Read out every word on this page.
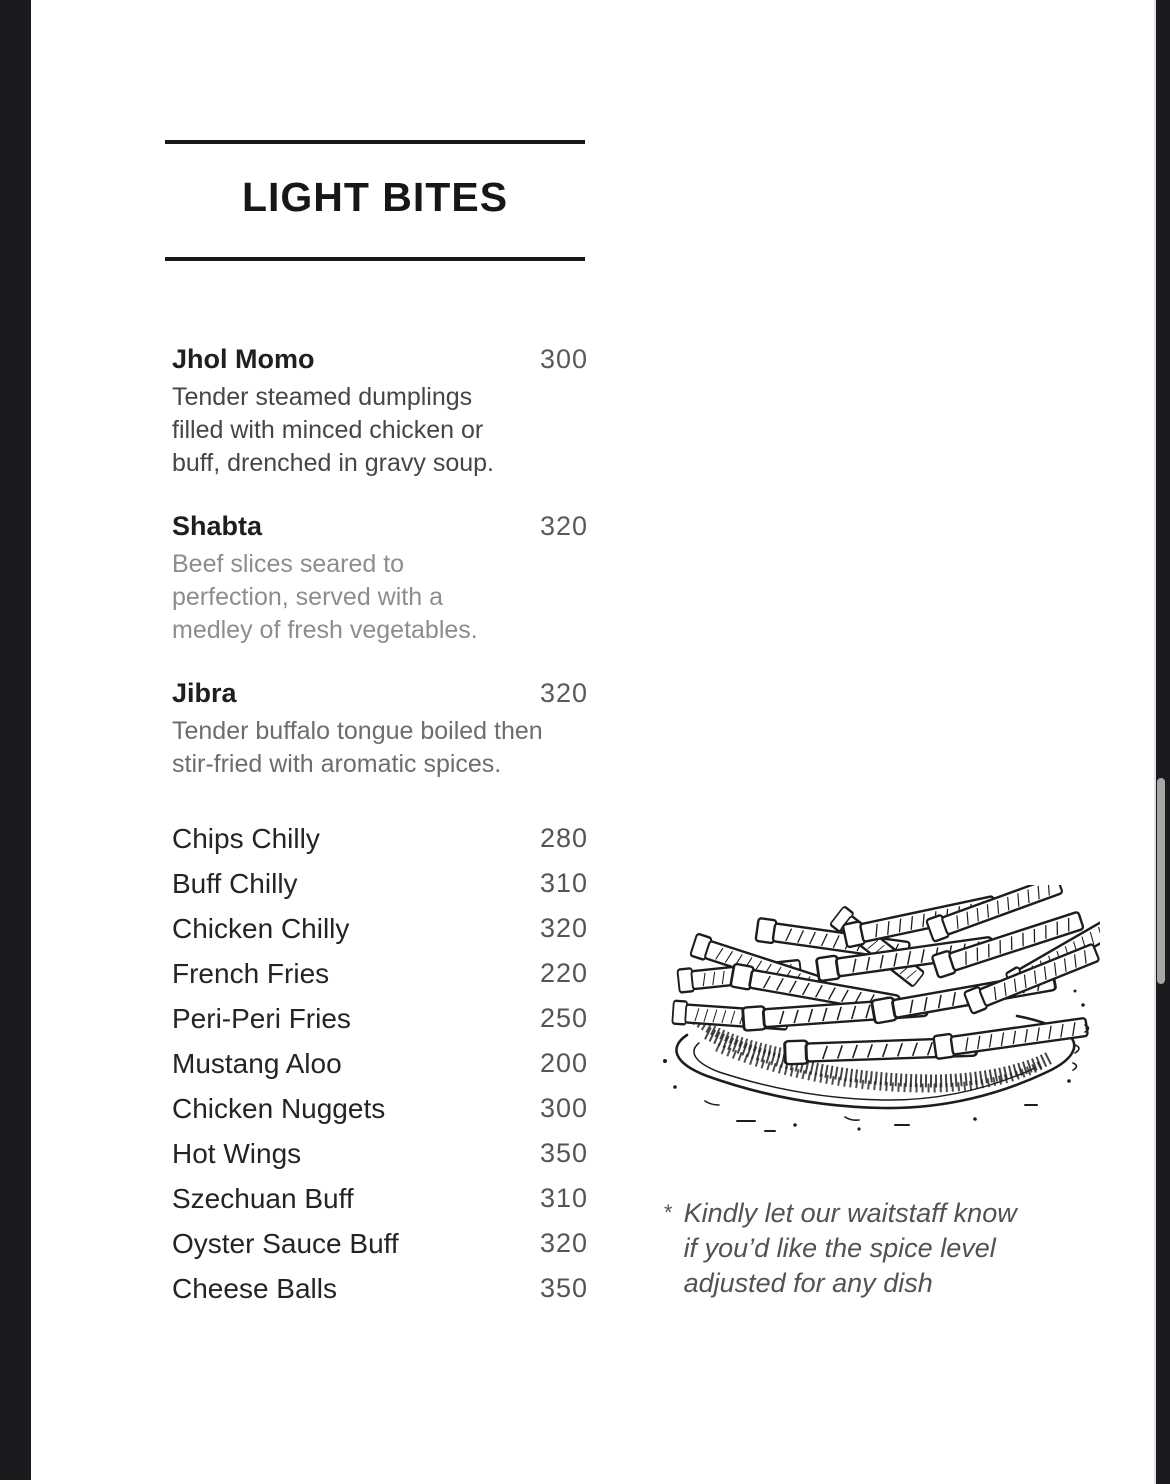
LIGHT BITES
Jhol Momo	300

Tender steamed dumplings filled with minced chicken or buff, drenched in gravy soup.

Shabta	320

Beef slices seared to perfection, served with a medley of fresh vegetables.

Jibra	320

Tender buffalo tongue boiled then stir-fried with aromatic spices.

Chips Chilly	280
Buff Chilly	310
Chicken Chilly	320
French Fries	220
Peri-Peri Fries	250
Mustang Aloo	200
Chicken Nuggets	300
Hot Wings	350
Szechuan Buff	310
Oyster Sauce Buff	320
Cheese Balls	350
* Kindly let our waitstaff know
if you’d like the spice level
adjusted for any dish
